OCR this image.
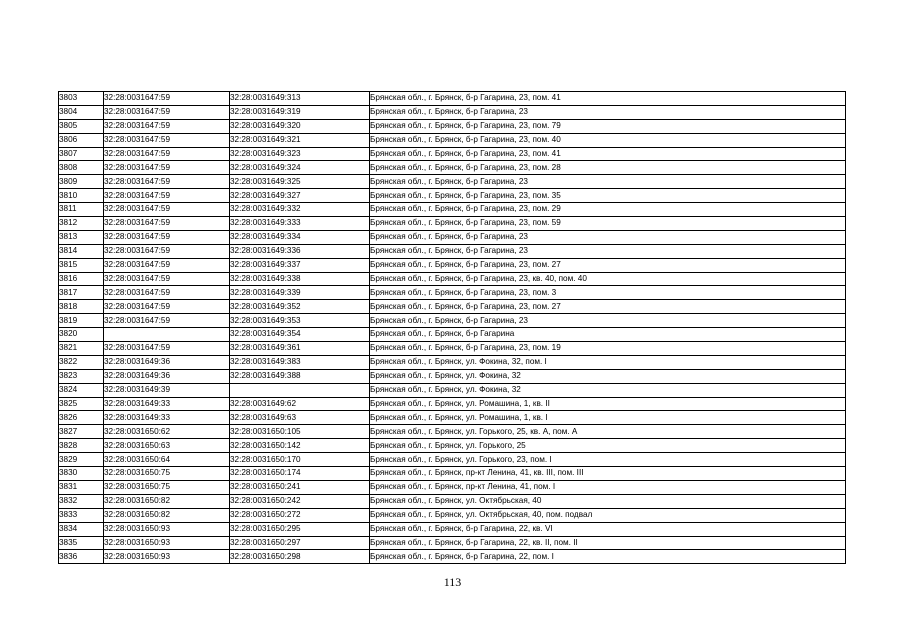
3803	32:28:0031647:59	32:28:0031649:313	Брянская обл., г. Брянск, б-р Гагарина, 23, пом. 41
3804	32:28:0031647:59	32:28:0031649:319	Брянская обл., г. Брянск, б-р Гагарина, 23
3805	32:28:0031647:59	32:28:0031649:320	Брянская обл., г. Брянск, б-р Гагарина, 23, пом. 79
3806	32:28:0031647:59	32:28:0031649:321	Брянская обл., г. Брянск, б-р Гагарина, 23, пом. 40
3807	32:28:0031647:59	32:28:0031649:323	Брянская обл., г. Брянск, б-р Гагарина, 23, пом. 41
3808	32:28:0031647:59	32:28:0031649:324	Брянская обл., г. Брянск, б-р Гагарина, 23, пом. 28
3809	32:28:0031647:59	32:28:0031649:325	Брянская обл., г. Брянск, б-р Гагарина, 23
3810	32:28:0031647:59	32:28:0031649:327	Брянская обл., г. Брянск, б-р Гагарина, 23, пом. 35
3811	32:28:0031647:59	32:28:0031649:332	Брянская обл., г. Брянск, б-р Гагарина, 23, пом. 29
3812	32:28:0031647:59	32:28:0031649:333	Брянская обл., г. Брянск, б-р Гагарина, 23, пом. 59
3813	32:28:0031647:59	32:28:0031649:334	Брянская обл., г. Брянск, б-р Гагарина, 23
3814	32:28:0031647:59	32:28:0031649:336	Брянская обл., г. Брянск, б-р Гагарина, 23
3815	32:28:0031647:59	32:28:0031649:337	Брянская обл., г. Брянск, б-р Гагарина, 23, пом. 27
3816	32:28:0031647:59	32:28:0031649:338	Брянская обл., г. Брянск, б-р Гагарина, 23, кв. 40, пом. 40
3817	32:28:0031647:59	32:28:0031649:339	Брянская обл., г. Брянск, б-р Гагарина, 23, пом. 3
3818	32:28:0031647:59	32:28:0031649:352	Брянская обл., г. Брянск, б-р Гагарина, 23, пом. 27
3819	32:28:0031647:59	32:28:0031649:353	Брянская обл., г. Брянск, б-р Гагарина, 23
3820		32:28:0031649:354	Брянская обл., г. Брянск, б-р Гагарина
3821	32:28:0031647:59	32:28:0031649:361	Брянская обл., г. Брянск, б-р Гагарина, 23, пом. 19
3822	32:28:0031649:36	32:28:0031649:383	Брянская обл., г. Брянск, ул. Фокина, 32, пом. I
3823	32:28:0031649:36	32:28:0031649:388	Брянская обл., г. Брянск, ул. Фокина, 32
3824	32:28:0031649:39		Брянская обл., г. Брянск, ул. Фокина, 32
3825	32:28:0031649:33	32:28:0031649:62	Брянская обл., г. Брянск, ул. Ромашина, 1, кв. II
3826	32:28:0031649:33	32:28:0031649:63	Брянская обл., г. Брянск, ул. Ромашина, 1, кв. I
3827	32:28:0031650:62	32:28:0031650:105	Брянская обл., г. Брянск, ул. Горького, 25, кв. А, пом. А
3828	32:28:0031650:63	32:28:0031650:142	Брянская обл., г. Брянск, ул. Горького, 25
3829	32:28:0031650:64	32:28:0031650:170	Брянская обл., г. Брянск, ул. Горького, 23, пом. I
3830	32:28:0031650:75	32:28:0031650:174	Брянская обл., г. Брянск, пр-кт Ленина, 41, кв. III, пом. III
3831	32:28:0031650:75	32:28:0031650:241	Брянская обл., г. Брянск, пр-кт Ленина, 41, пом. I
3832	32:28:0031650:82	32:28:0031650:242	Брянская обл., г. Брянск, ул. Октябрьская, 40
3833	32:28:0031650:82	32:28:0031650:272	Брянская обл., г. Брянск, ул. Октябрьская, 40, пом. подвал
3834	32:28:0031650:93	32:28:0031650:295	Брянская обл., г. Брянск, б-р Гагарина, 22, кв. VI
3835	32:28:0031650:93	32:28:0031650:297	Брянская обл., г. Брянск, б-р Гагарина, 22, кв. II, пом. II
3836	32:28:0031650:93	32:28:0031650:298	Брянская обл., г. Брянск, б-р Гагарина, 22, пом. I
113
